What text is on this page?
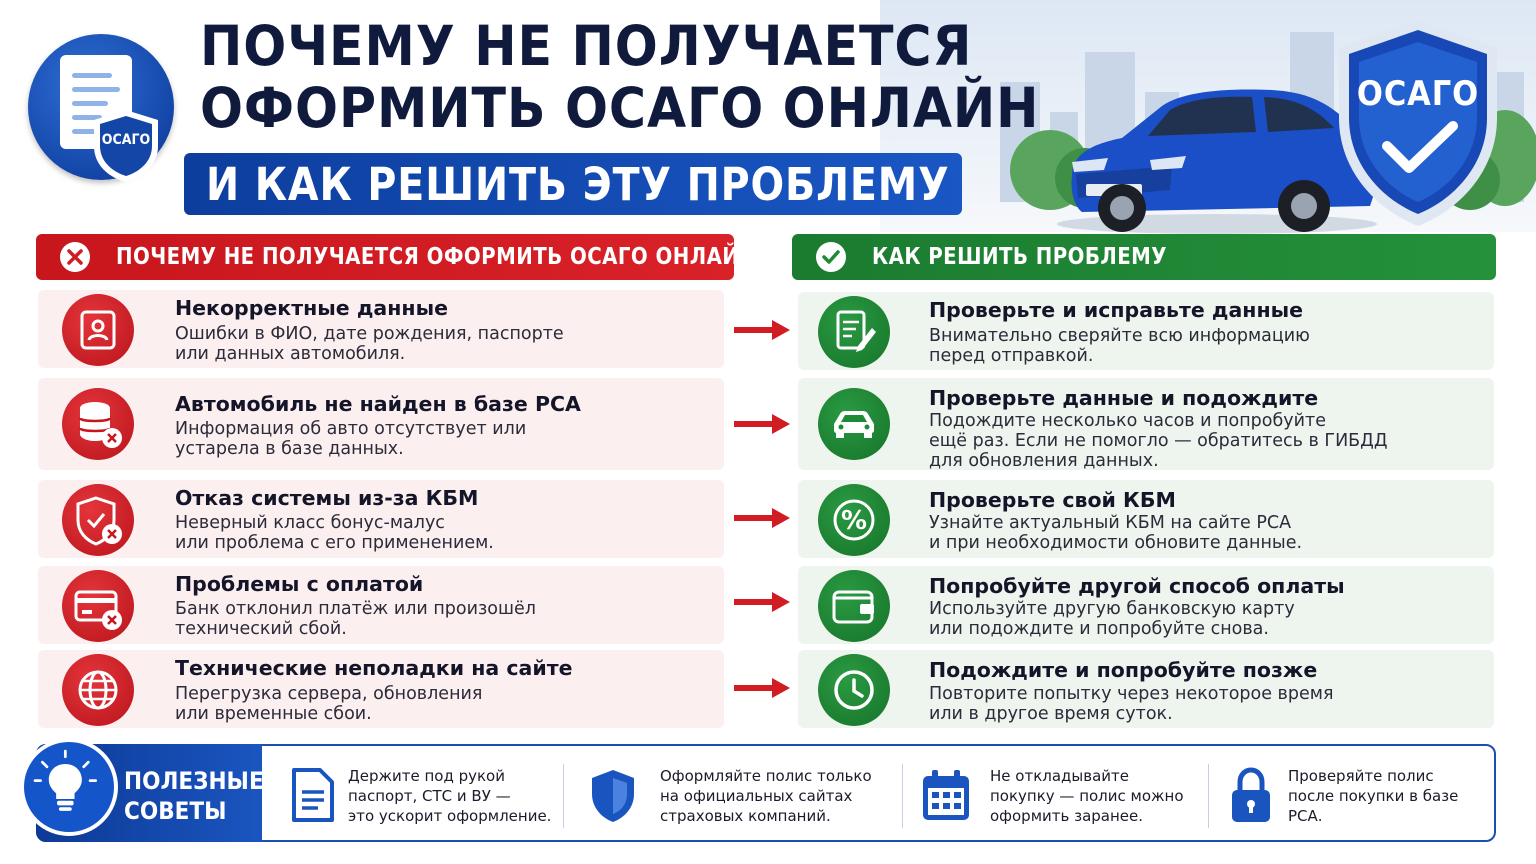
ОСАГО
ПОЧЕМУ НЕ ПОЛУЧАЕТСЯ
ОФОРМИТЬ ОСАГО ОНЛАЙН
И КАК РЕШИТЬ ЭТУ ПРОБЛЕМУ
ОСАГО
ПОЧЕМУ НЕ ПОЛУЧАЕТСЯ ОФОРМИТЬ ОСАГО ОНЛАЙН	КАК РЕШИТЬ ПРОБЛЕМУ
Некорректные данные
Ошибки в ФИО, дате рождения, паспорте
или данных автомобиля.
Автомобиль не найден в базе РСА
Информация об авто отсутствует или
устарела в базе данных.
Отказ системы из-за КБМ
Неверный класс бонус-малус
или проблема с его применением.
Проблемы с оплатой
Банк отклонил платёж или произошёл
технический сбой.
Технические неполадки на сайте
Перегрузка сервера, обновления
или временные сбои.
Проверьте и исправьте данные
Внимательно сверяйте всю информацию
перед отправкой.
Проверьте данные и подождите
Подождите несколько часов и попробуйте
ещё раз. Если не помогло — обратитесь в ГИБДД
для обновления данных.
%
Проверьте свой КБМ
Узнайте актуальный КБМ на сайте РСА
и при необходимости обновите данные.
Попробуйте другой способ оплаты
Используйте другую банковскую карту
или подождите и попробуйте снова.
Подождите и попробуйте позже
Повторите попытку через некоторое время
или в другое время суток.
ПОЛЕЗНЫЕ
СОВЕТЫ
Держите под рукой
паспорт, СТС и ВУ —
это ускорит оформление.
Оформляйте полис только
на официальных сайтах
страховых компаний.
Не откладывайте
покупку — полис можно
оформить заранее.
Проверяйте полис
после покупки в базе
РСА.
